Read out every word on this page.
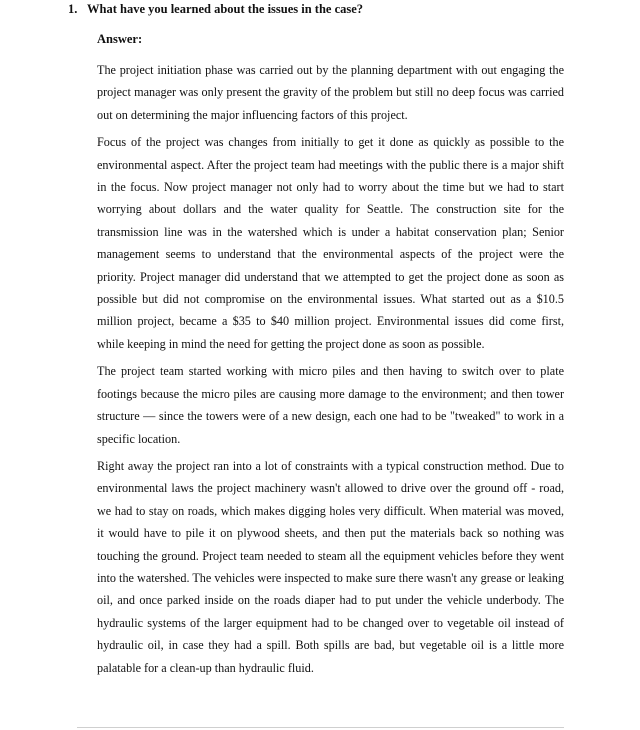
1. What have you learned about the issues in the case?
Answer:

The project initiation phase was carried out by the planning department with out engaging the project manager was only present the gravity of the problem but still no deep focus was carried out on determining the major influencing factors of this project.

Focus of the project was changes from initially to get it done as quickly as possible to the environmental aspect. After the project team had meetings with the public there is a major shift in the focus. Now project manager not only had to worry about the time but we had to start worrying about dollars and the water quality for Seattle. The construction site for the transmission line was in the watershed which is under a habitat conservation plan; Senior management seems to understand that the environmental aspects of the project were the priority. Project manager did understand that we attempted to get the project done as soon as possible but did not compromise on the environmental issues. What started out as a $10.5 million project, became a $35 to $40 million project. Environmental issues did come first, while keeping in mind the need for getting the project done as soon as possible.

The project team started working with micro piles and then having to switch over to plate footings because the micro piles are causing more damage to the environment; and then tower structure — since the towers were of a new design, each one had to be "tweaked" to work in a specific location.

Right away the project ran into a lot of constraints with a typical construction method. Due to environmental laws the project machinery wasn't allowed to drive over the ground off - road, we had to stay on roads, which makes digging holes very difficult. When material was moved, it would have to pile it on plywood sheets, and then put the materials back so nothing was touching the ground. Project team needed to steam all the equipment vehicles before they went into the watershed. The vehicles were inspected to make sure there wasn't any grease or leaking oil, and once parked inside on the roads diaper had to put under the vehicle underbody. The hydraulic systems of the larger equipment had to be changed over to vegetable oil instead of hydraulic oil, in case they had a spill. Both spills are bad, but vegetable oil is a little more palatable for a clean-up than hydraulic fluid.
